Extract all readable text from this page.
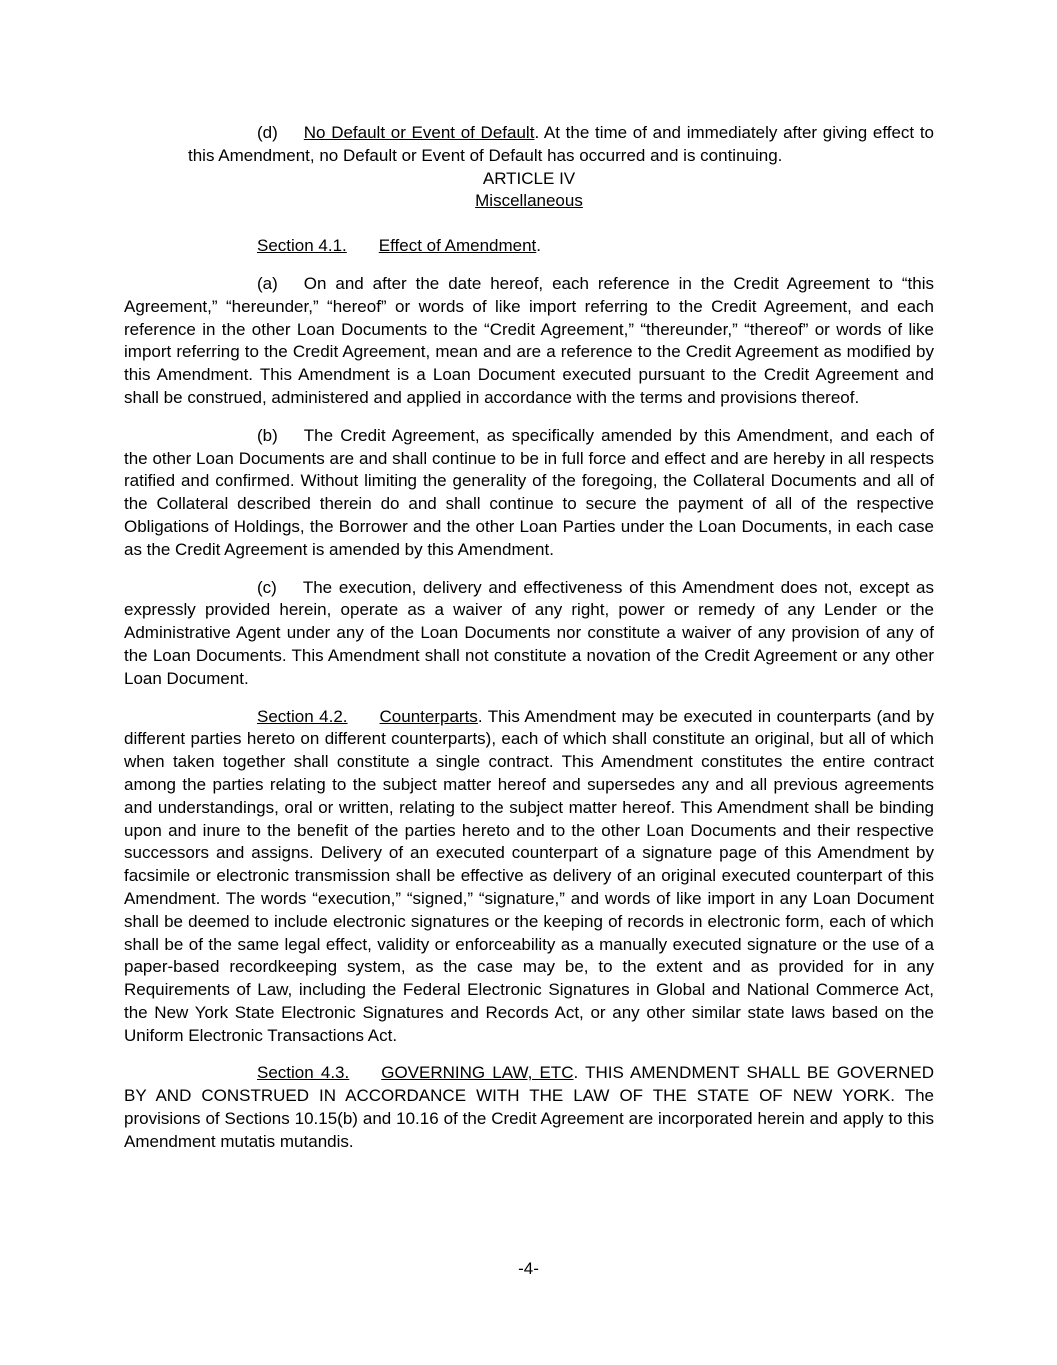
(d) No Default or Event of Default. At the time of and immediately after giving effect to this Amendment, no Default or Event of Default has occurred and is continuing.

ARTICLE IV

Miscellaneous

Section 4.1. Effect of Amendment.

(a) On and after the date hereof, each reference in the Credit Agreement to “this Agreement,” “hereunder,” “hereof” or words of like import referring to the Credit Agreement, and each reference in the other Loan Documents to the “Credit Agreement,” “thereunder,” “thereof” or words of like import referring to the Credit Agreement, mean and are a reference to the Credit Agreement as modified by this Amendment. This Amendment is a Loan Document executed pursuant to the Credit Agreement and shall be construed, administered and applied in accordance with the terms and provisions thereof.

(b) The Credit Agreement, as specifically amended by this Amendment, and each of the other Loan Documents are and shall continue to be in full force and effect and are hereby in all respects ratified and confirmed. Without limiting the generality of the foregoing, the Collateral Documents and all of the Collateral described therein do and shall continue to secure the payment of all of the respective Obligations of Holdings, the Borrower and the other Loan Parties under the Loan Documents, in each case as the Credit Agreement is amended by this Amendment.

(c) The execution, delivery and effectiveness of this Amendment does not, except as expressly provided herein, operate as a waiver of any right, power or remedy of any Lender or the Administrative Agent under any of the Loan Documents nor constitute a waiver of any provision of any of the Loan Documents. This Amendment shall not constitute a novation of the Credit Agreement or any other Loan Document.

Section 4.2. Counterparts. This Amendment may be executed in counterparts (and by different parties hereto on different counterparts), each of which shall constitute an original, but all of which when taken together shall constitute a single contract. This Amendment constitutes the entire contract among the parties relating to the subject matter hereof and supersedes any and all previous agreements and understandings, oral or written, relating to the subject matter hereof. This Amendment shall be binding upon and inure to the benefit of the parties hereto and to the other Loan Documents and their respective successors and assigns. Delivery of an executed counterpart of a signature page of this Amendment by facsimile or electronic transmission shall be effective as delivery of an original executed counterpart of this Amendment. The words “execution,” “signed,” “signature,” and words of like import in any Loan Document shall be deemed to include electronic signatures or the keeping of records in electronic form, each of which shall be of the same legal effect, validity or enforceability as a manually executed signature or the use of a paper-based recordkeeping system, as the case may be, to the extent and as provided for in any Requirements of Law, including the Federal Electronic Signatures in Global and National Commerce Act, the New York State Electronic Signatures and Records Act, or any other similar state laws based on the Uniform Electronic Transactions Act.

Section 4.3. GOVERNING LAW, ETC. THIS AMENDMENT SHALL BE GOVERNED BY AND CONSTRUED IN ACCORDANCE WITH THE LAW OF THE STATE OF NEW YORK. The provisions of Sections 10.15(b) and 10.16 of the Credit Agreement are incorporated herein and apply to this Amendment mutatis mutandis.

-4-
